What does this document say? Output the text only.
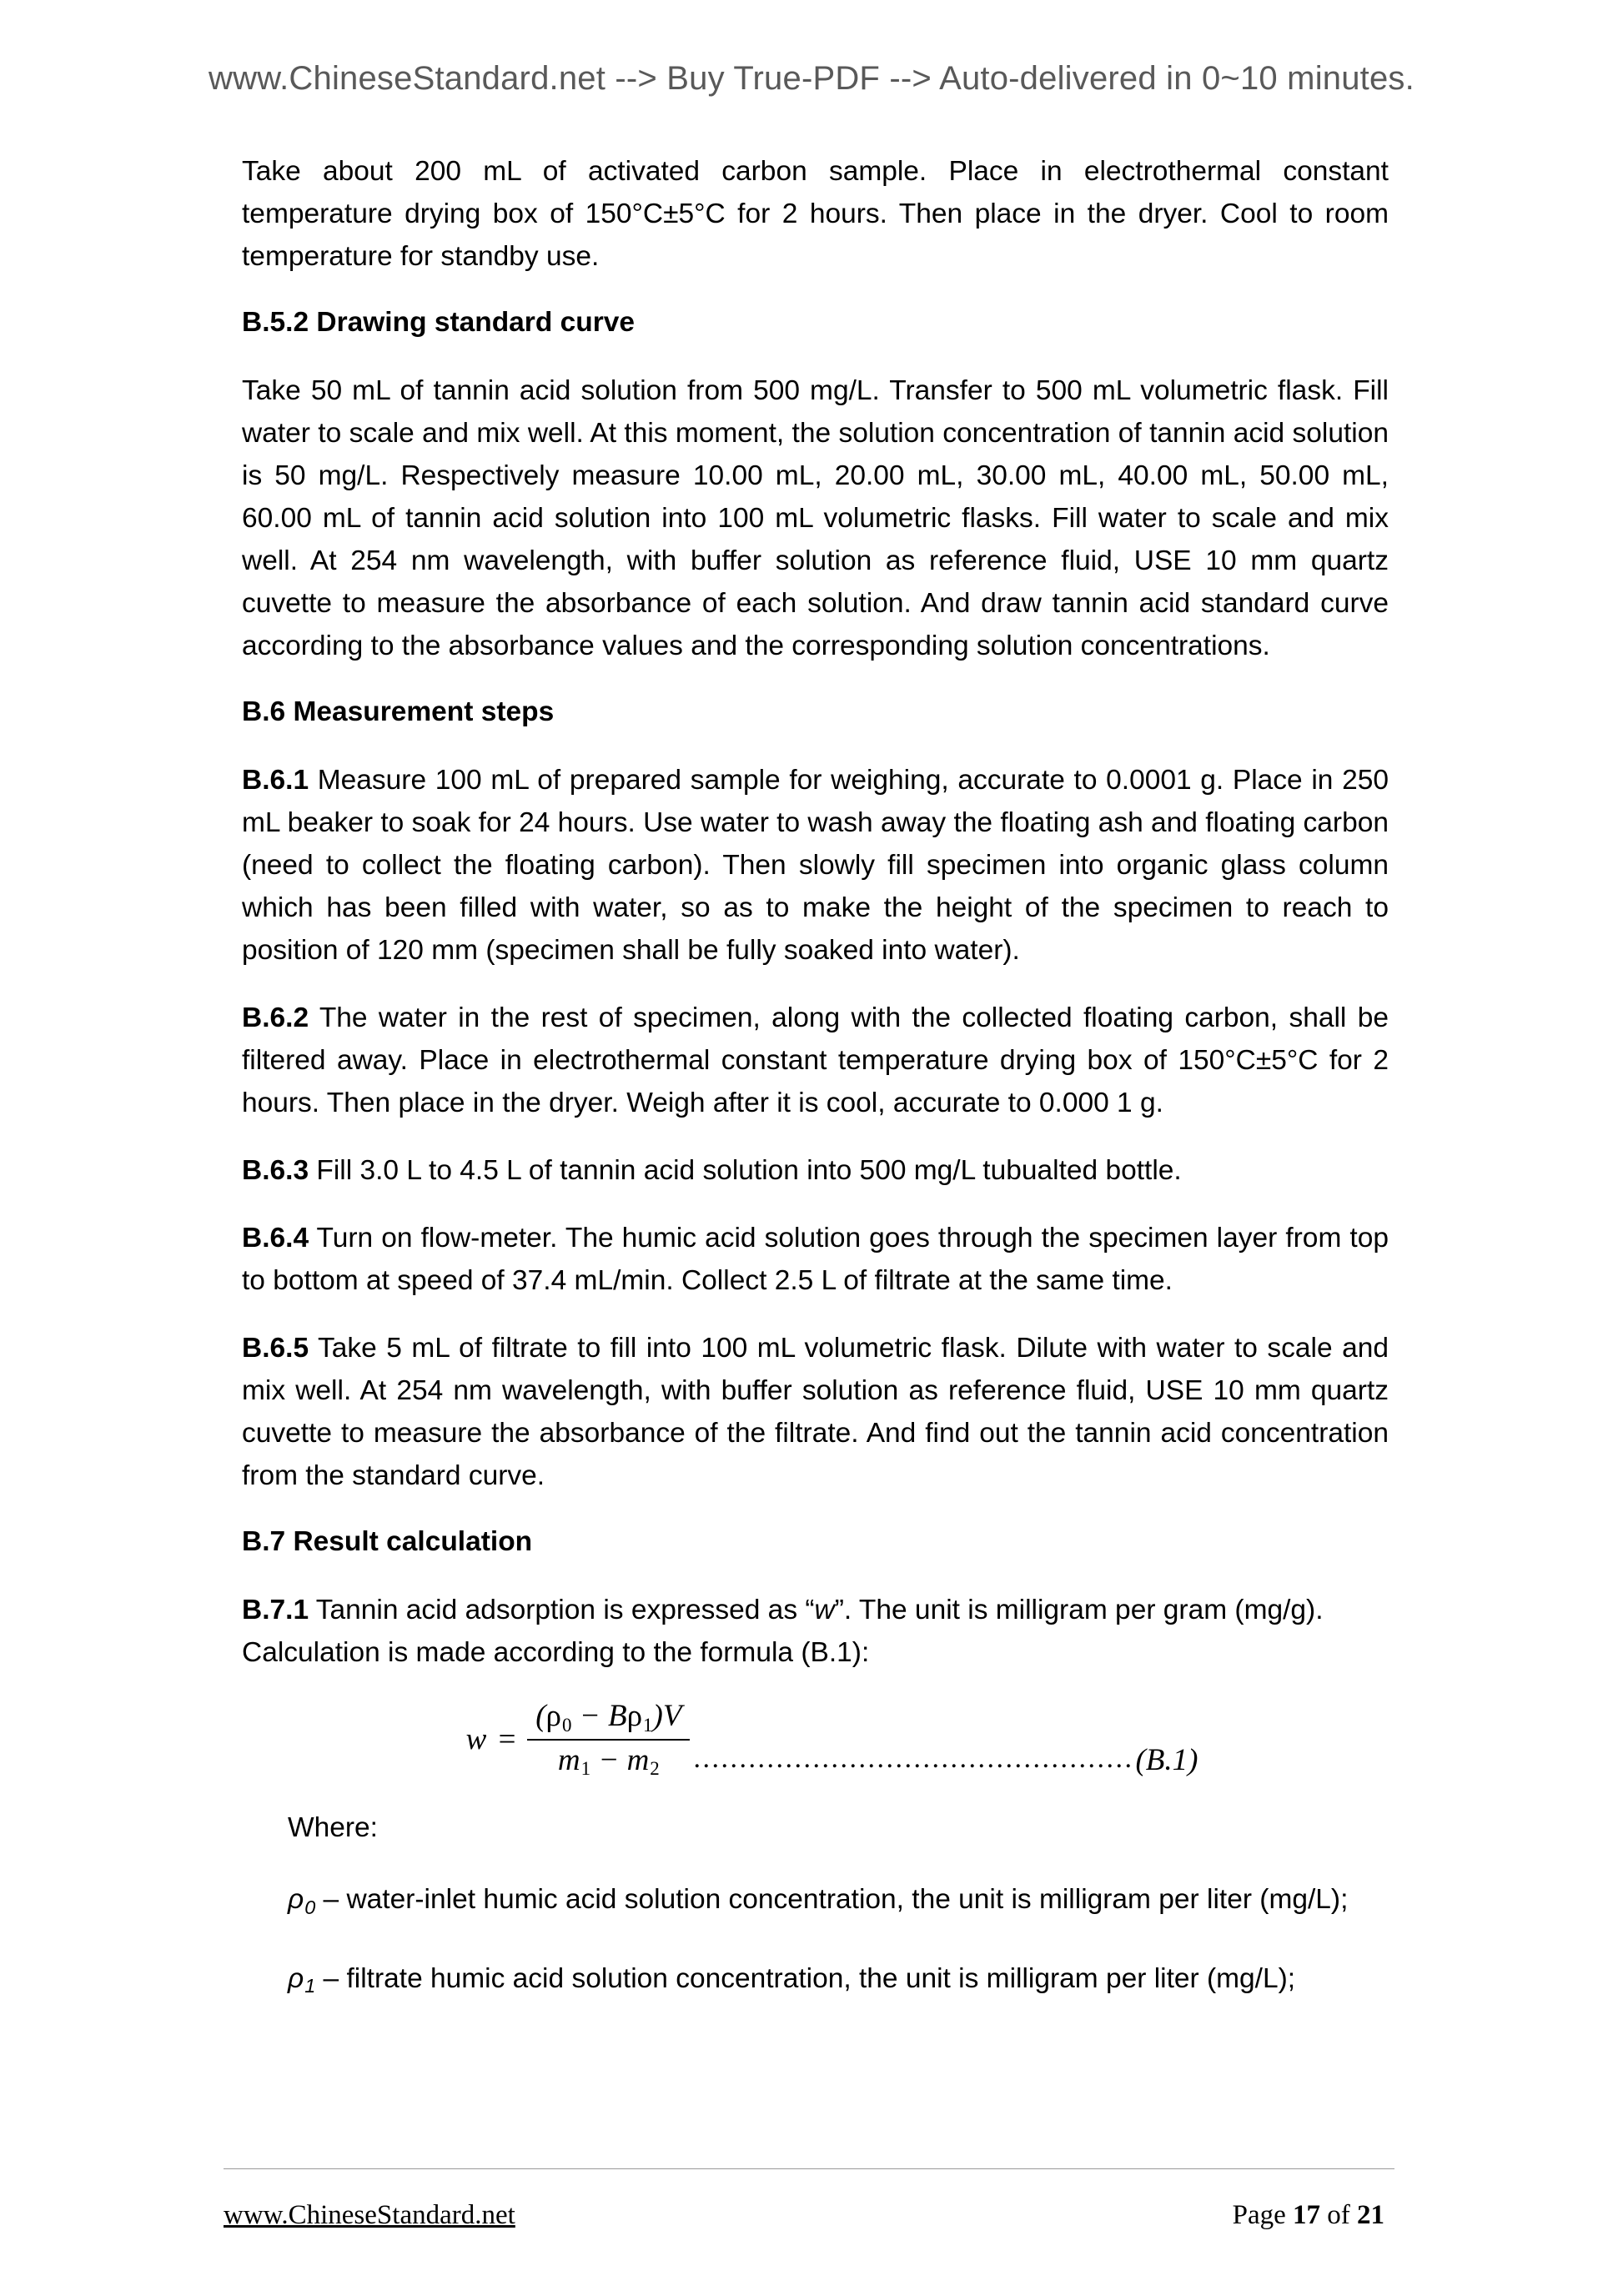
www.ChineseStandard.net --> Buy True-PDF --> Auto-delivered in 0~10 minutes.

Take about 200 mL of activated carbon sample. Place in electrothermal constant temperature drying box of 150°C±5°C for 2 hours. Then place in the dryer. Cool to room temperature for standby use.

B.5.2 Drawing standard curve

Take 50 mL of tannin acid solution from 500 mg/L. Transfer to 500 mL volumetric flask. Fill water to scale and mix well. At this moment, the solution concentration of tannin acid solution is 50 mg/L. Respectively measure 10.00 mL, 20.00 mL, 30.00 mL, 40.00 mL, 50.00 mL, 60.00 mL of tannin acid solution into 100 mL volumetric flasks. Fill water to scale and mix well. At 254 nm wavelength, with buffer solution as reference fluid, USE 10 mm quartz cuvette to measure the absorbance of each solution. And draw tannin acid standard curve according to the absorbance values and the corresponding solution concentrations.

B.6 Measurement steps

B.6.1 Measure 100 mL of prepared sample for weighing, accurate to 0.0001 g. Place in 250 mL beaker to soak for 24 hours. Use water to wash away the floating ash and floating carbon (need to collect the floating carbon). Then slowly fill specimen into organic glass column which has been filled with water, so as to make the height of the specimen to reach to position of 120 mm (specimen shall be fully soaked into water).

B.6.2 The water in the rest of specimen, along with the collected floating carbon, shall be filtered away. Place in electrothermal constant temperature drying box of 150°C±5°C for 2 hours. Then place in the dryer. Weigh after it is cool, accurate to 0.000 1 g.

B.6.3 Fill 3.0 L to 4.5 L of tannin acid solution into 500 mg/L tubualted bottle.

B.6.4 Turn on flow-meter. The humic acid solution goes through the specimen layer from top to bottom at speed of 37.4 mL/min. Collect 2.5 L of filtrate at the same time.

B.6.5 Take 5 mL of filtrate to fill into 100 mL volumetric flask. Dilute with water to scale and mix well. At 254 nm wavelength, with buffer solution as reference fluid, USE 10 mm quartz cuvette to measure the absorbance of the filtrate. And find out the tannin acid concentration from the standard curve.

B.7 Result calculation

B.7.1 Tannin acid adsorption is expressed as “w”. The unit is milligram per gram (mg/g). Calculation is made according to the formula (B.1):

$w = \frac{(\rho_0 - B\rho_1)V}{m_1 - m_2}$ ................................................ (B.1)

Where:

$\rho_0$ – water-inlet humic acid solution concentration, the unit is milligram per liter (mg/L);

$\rho_1$ – filtrate humic acid solution concentration, the unit is milligram per liter (mg/L);

www.ChineseStandard.net	Page 17 of 21
